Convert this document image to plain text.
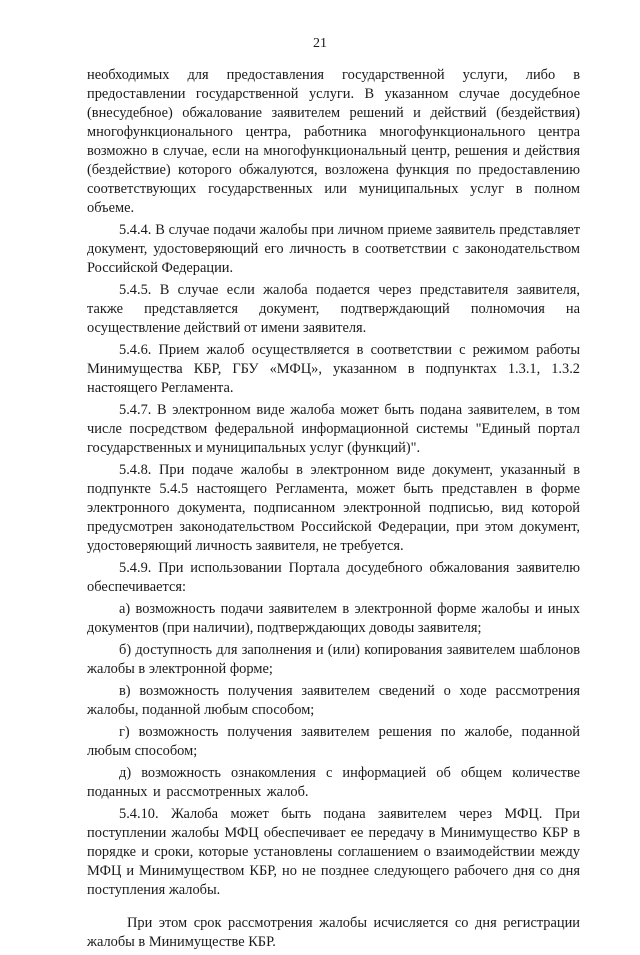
21

необходимых для предоставления государственной услуги, либо в предоставлении государственной услуги. В указанном случае досудебное (внесудебное) обжалование заявителем решений и действий (бездействия) многофункционального центра, работника многофункционального центра возможно в случае, если на многофункциональный центр, решения и действия (бездействие) которого обжалуются, возложена функция по предоставлению соответствующих государственных или муниципальных услуг в полном объеме.

5.4.4. В случае подачи жалобы при личном приеме заявитель представляет документ, удостоверяющий его личность в соответствии с законодательством Российской Федерации.

5.4.5. В случае если жалоба подается через представителя заявителя, также представляется документ, подтверждающий полномочия на осуществление действий от имени заявителя.

5.4.6. Прием жалоб осуществляется в соответствии с режимом работы Минимущества КБР, ГБУ «МФЦ», указанном в подпунктах 1.3.1, 1.3.2 настоящего Регламента.

5.4.7. В электронном виде жалоба может быть подана заявителем, в том числе посредством федеральной информационной системы "Единый портал государственных и муниципальных услуг (функций)".

5.4.8. При подаче жалобы в электронном виде документ, указанный в подпункте 5.4.5 настоящего Регламента, может быть представлен в форме электронного документа, подписанном электронной подписью, вид которой предусмотрен законодательством Российской Федерации, при этом документ, удостоверяющий личность заявителя, не требуется.

5.4.9. При использовании Портала досудебного обжалования заявителю обеспечивается:

а) возможность подачи заявителем в электронной форме жалобы и иных документов (при наличии), подтверждающих доводы заявителя;

б) доступность для заполнения и (или) копирования заявителем шаблонов жалобы в электронной форме;

в) возможность получения заявителем сведений о ходе рассмотрения жалобы, поданной любым способом;

г) возможность получения заявителем решения по жалобе, поданной любым способом;

д) возможность ознакомления с информацией об общем количестве поданных и рассмотренных жалоб.

5.4.10. Жалоба может быть подана заявителем через МФЦ. При поступлении жалобы МФЦ обеспечивает ее передачу в Минимущество КБР в порядке и сроки, которые установлены соглашением о взаимодействии между МФЦ и Минимуществом КБР, но не позднее следующего рабочего дня со дня поступления жалобы.

При этом срок рассмотрения жалобы исчисляется со дня регистрации жалобы в Минимуществе КБР.
